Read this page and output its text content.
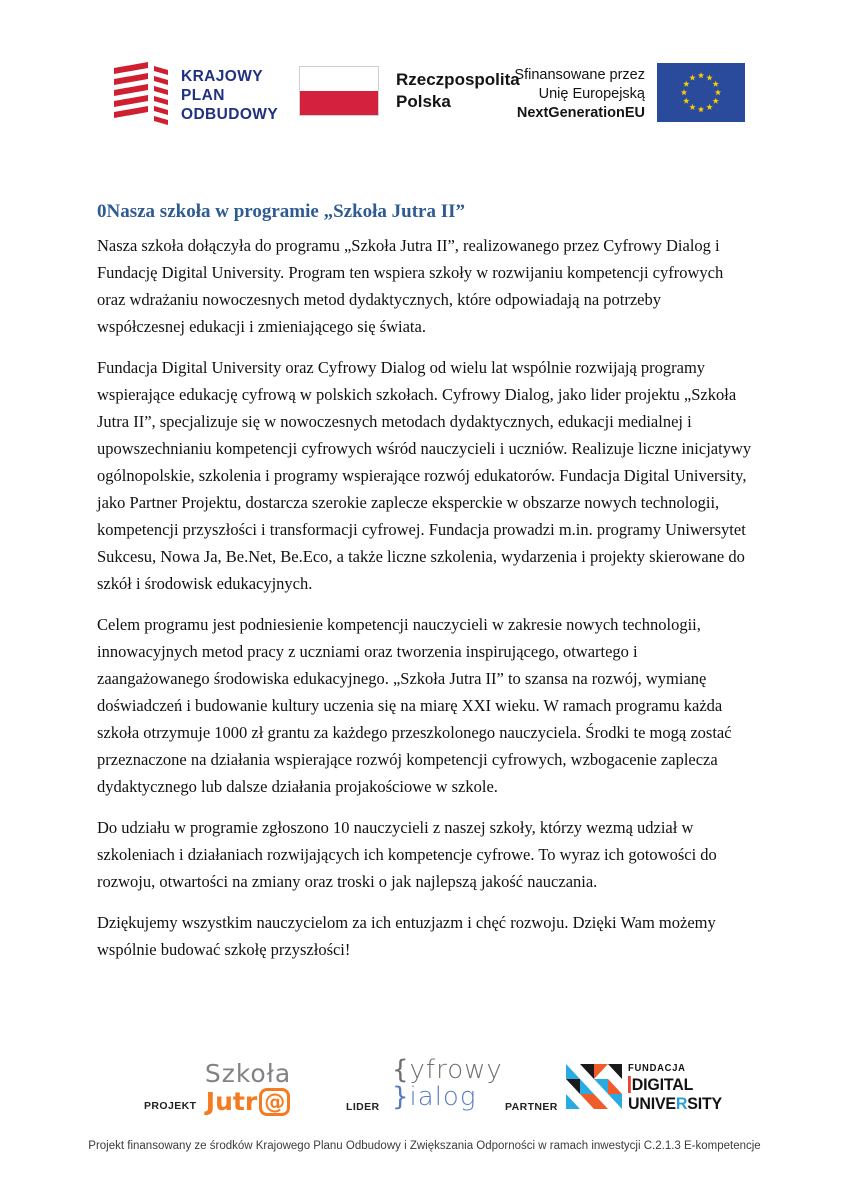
KRAJOWY
PLAN
ODBUDOWY
Rzeczpospolita
Polska
Sfinansowane przez
Unię Europejską
NextGenerationEU
0Nasza szkoła w programie „Szkoła Jutra II”

Nasza szkoła dołączyła do programu „Szkoła Jutra II”, realizowanego przez Cyfrowy Dialog i Fundację Digital University. Program ten wspiera szkoły w rozwijaniu kompetencji cyfrowych oraz wdrażaniu nowoczesnych metod dydaktycznych, które odpowiadają na potrzeby współczesnej edukacji i zmieniającego się świata.

Fundacja Digital University oraz Cyfrowy Dialog od wielu lat wspólnie rozwijają programy wspierające edukację cyfrową w polskich szkołach. Cyfrowy Dialog, jako lider projektu „Szkoła Jutra II”, specjalizuje się w nowoczesnych metodach dydaktycznych, edukacji medialnej i upowszechnianiu kompetencji cyfrowych wśród nauczycieli i uczniów. Realizuje liczne inicjatywy ogólnopolskie, szkolenia i programy wspierające rozwój edukatorów. Fundacja Digital University, jako Partner Projektu, dostarcza szerokie zaplecze eksperckie w obszarze nowych technologii, kompetencji przyszłości i transformacji cyfrowej. Fundacja prowadzi m.in. programy Uniwersytet Sukcesu, Nowa Ja, Be.Net, Be.Eco, a także liczne szkolenia, wydarzenia i projekty skierowane do szkół i środowisk edukacyjnych.

Celem programu jest podniesienie kompetencji nauczycieli w zakresie nowych technologii, innowacyjnych metod pracy z uczniami oraz tworzenia inspirującego, otwartego i zaangażowanego środowiska edukacyjnego. „Szkoła Jutra II” to szansa na rozwój, wymianę doświadczeń i budowanie kultury uczenia się na miarę XXI wieku. W ramach programu każda szkoła otrzymuje 1000 zł grantu za każdego przeszkolonego nauczyciela. Środki te mogą zostać przeznaczone na działania wspierające rozwój kompetencji cyfrowych, wzbogacenie zaplecza dydaktycznego lub dalsze działania projakościowe w szkole.

Do udziału w programie zgłoszono 10 nauczycieli z naszej szkoły, którzy wezmą udział w szkoleniach i działaniach rozwijających ich kompetencje cyfrowe. To wyraz ich gotowości do rozwoju, otwartości na zmiany oraz troski o jak najlepszą jakość nauczania.

Dziękujemy wszystkim nauczycielom za ich entuzjazm i chęć rozwoju. Dzięki Wam możemy wspólnie budować szkołę przyszłości!

PROJEKT
Szkoła
Jutr @	LIDER
{yfrowy
}ialog	PARTNER
FUNDACJA
DIGITAL
UNIVERSITY
Projekt finansowany ze środków Krajowego Planu Odbudowy i Zwiększania Odporności w ramach inwestycji C.2.1.3 E-kompetencje
